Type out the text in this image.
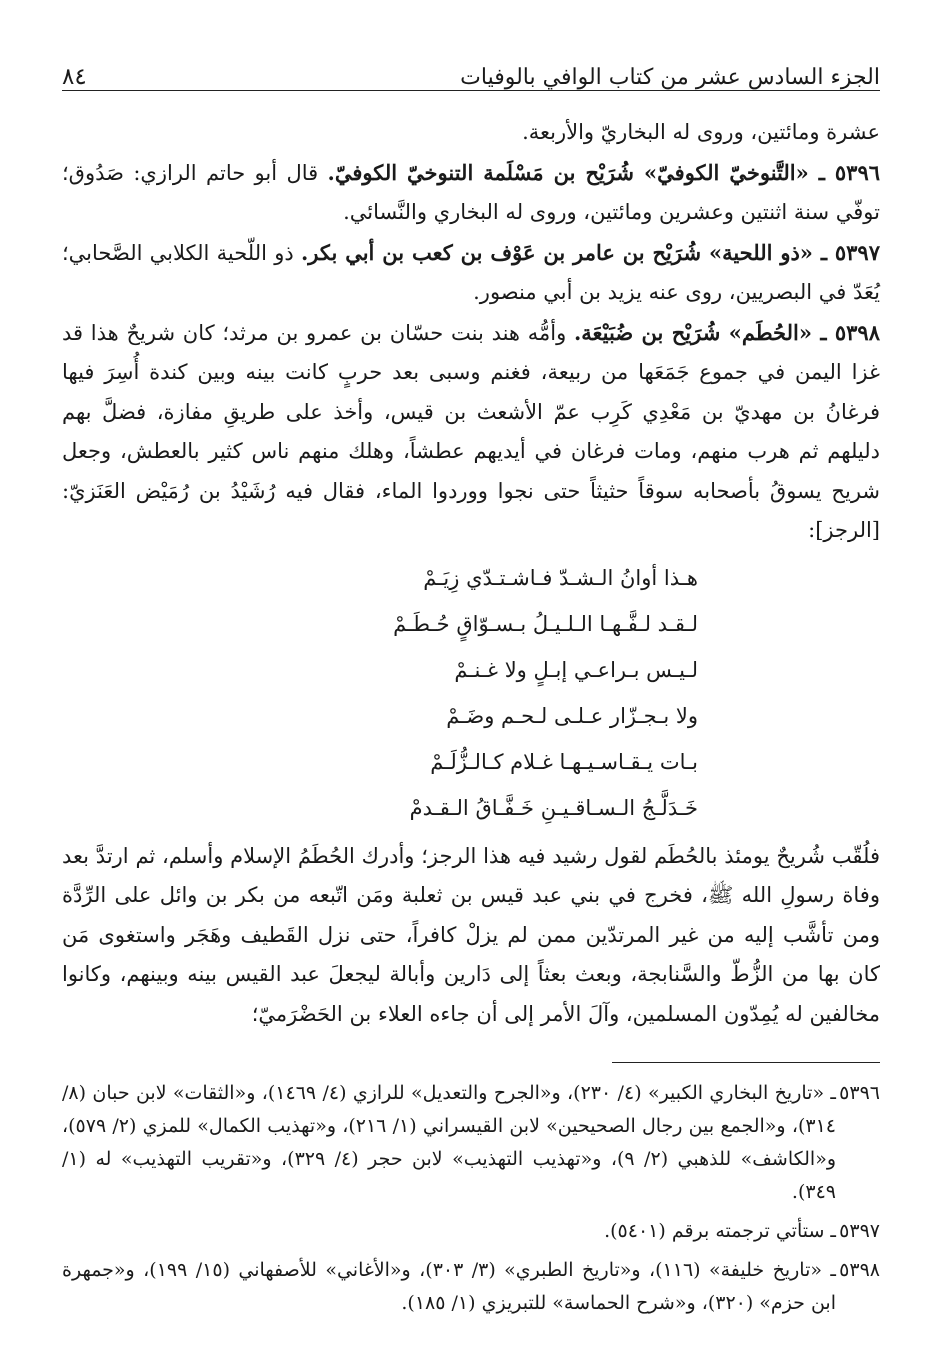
الجزء السادس عشر من كتاب الوافي بالوفيات
٨٤

عشرة ومائتين، وروى له البخاريّ والأربعة.

٥٣٩٦ ـ «التَّنوخيّ الكوفيّ» شُرَيْح بن مَسْلَمة التنوخيّ الكوفيّ. قال أبو حاتم الرازي: صَدُوق؛ توفّي سنة اثنتين وعشرين ومائتين، وروى له البخاري والنَّسائي.

٥٣٩٧ ـ «ذو اللحية» شُرَيْح بن عامر بن عَوْف بن كعب بن أبي بكر. ذو اللّحية الكلابي الصَّحابي؛ يُعَدّ في البصريين، روى عنه يزيد بن أبي منصور.

٥٣٩٨ ـ «الحُطَم» شُرَيْح بن ضُبَيْعَة. وأمُّه هند بنت حسّان بن عمرو بن مرثد؛ كان شريحٌ هذا قد غزا اليمن في جموع جَمَعَها من ربيعة، فغنم وسبى بعد حربٍ كانت بينه وبين كندة أُسِرَ فيها فرغانُ بن مهديّ بن مَعْدِي كَرِب عمّ الأشعث بن قيس، وأخذ على طريقِ مفازة، فضلَّ بهم دليلهم ثم هرب منهم، ومات فرغان في أيديهم عطشاً، وهلك منهم ناس كثير بالعطش، وجعل شريح يسوقُ بأصحابه سوقاً حثيثاً حتى نجوا ووردوا الماء، فقال فيه رُشَيْدُ بن رُمَيْض العَنَزيّ: [الرجز]:

هـذا أوانُ الـشـدّ فـاشـتـدّي زِيَـمْ
لـقـد لـفَّـهـا الـلـيـلُ بـسـوّاقٍ حُـطَـمْ
لـيـس بـراعـي إبـلٍ ولا غـنـمْ
ولا بـجـزّار عـلـى لـحـم وضَـمْ
بـات يـقـاسـيـهـا غـلام كـالـزُّلَـمْ
خَـدَلَّـجُ الـسـاقـيـنِ خَـفَّـاقُ الـقـدمْ

فلُقّب شُريحٌ يومئذ بالحُطَم لقول رشيد فيه هذا الرجز؛ وأدرك الحُطَمُ الإسلام وأسلم، ثم ارتدَّ بعد وفاة رسولِ الله ﷺ، فخرج في بني عبد قيس بن ثعلبة ومَن اتّبعه من بكر بن وائل على الرِّدَّة ومن تأشَّب إليه من غير المرتدّين ممن لم يزلْ كافراً، حتى نزل القَطيف وهَجَر واستغوى مَن كان بها من الزُّطّ والسَّنابجة، وبعث بعثاً إلى دَارين وأبالة ليجعلَ عبد القيس بينه وبينهم، وكانوا مخالفين له يُمِدّون المسلمين، وآلَ الأمر إلى أن جاءه العلاء بن الحَضْرَميّ؛

٥٣٩٦ـ «تاريخ البخاري الكبير» (٤/ ٢٣٠)، و«الجرح والتعديل» للرازي (٤/ ١٤٦٩)، و«الثقات» لابن حبان (٨/ ٣١٤)، و«الجمع بين رجال الصحيحين» لابن القيسراني (١/ ٢١٦)، و«تهذيب الكمال» للمزي (٢/ ٥٧٩)، و«الكاشف» للذهبي (٢/ ٩)، و«تهذيب التهذيب» لابن حجر (٤/ ٣٢٩)، و«تقريب التهذيب» له (١/ ٣٤٩).

٥٣٩٧ـ ستأتي ترجمته برقم (٥٤٠١).

٥٣٩٨ـ «تاريخ خليفة» (١١٦)، و«تاريخ الطبري» (٣/ ٣٠٣)، و«الأغاني» للأصفهاني (١٥/ ١٩٩)، و«جمهرة ابن حزم» (٣٢٠)، و«شرح الحماسة» للتبريزي (١/ ١٨٥).
